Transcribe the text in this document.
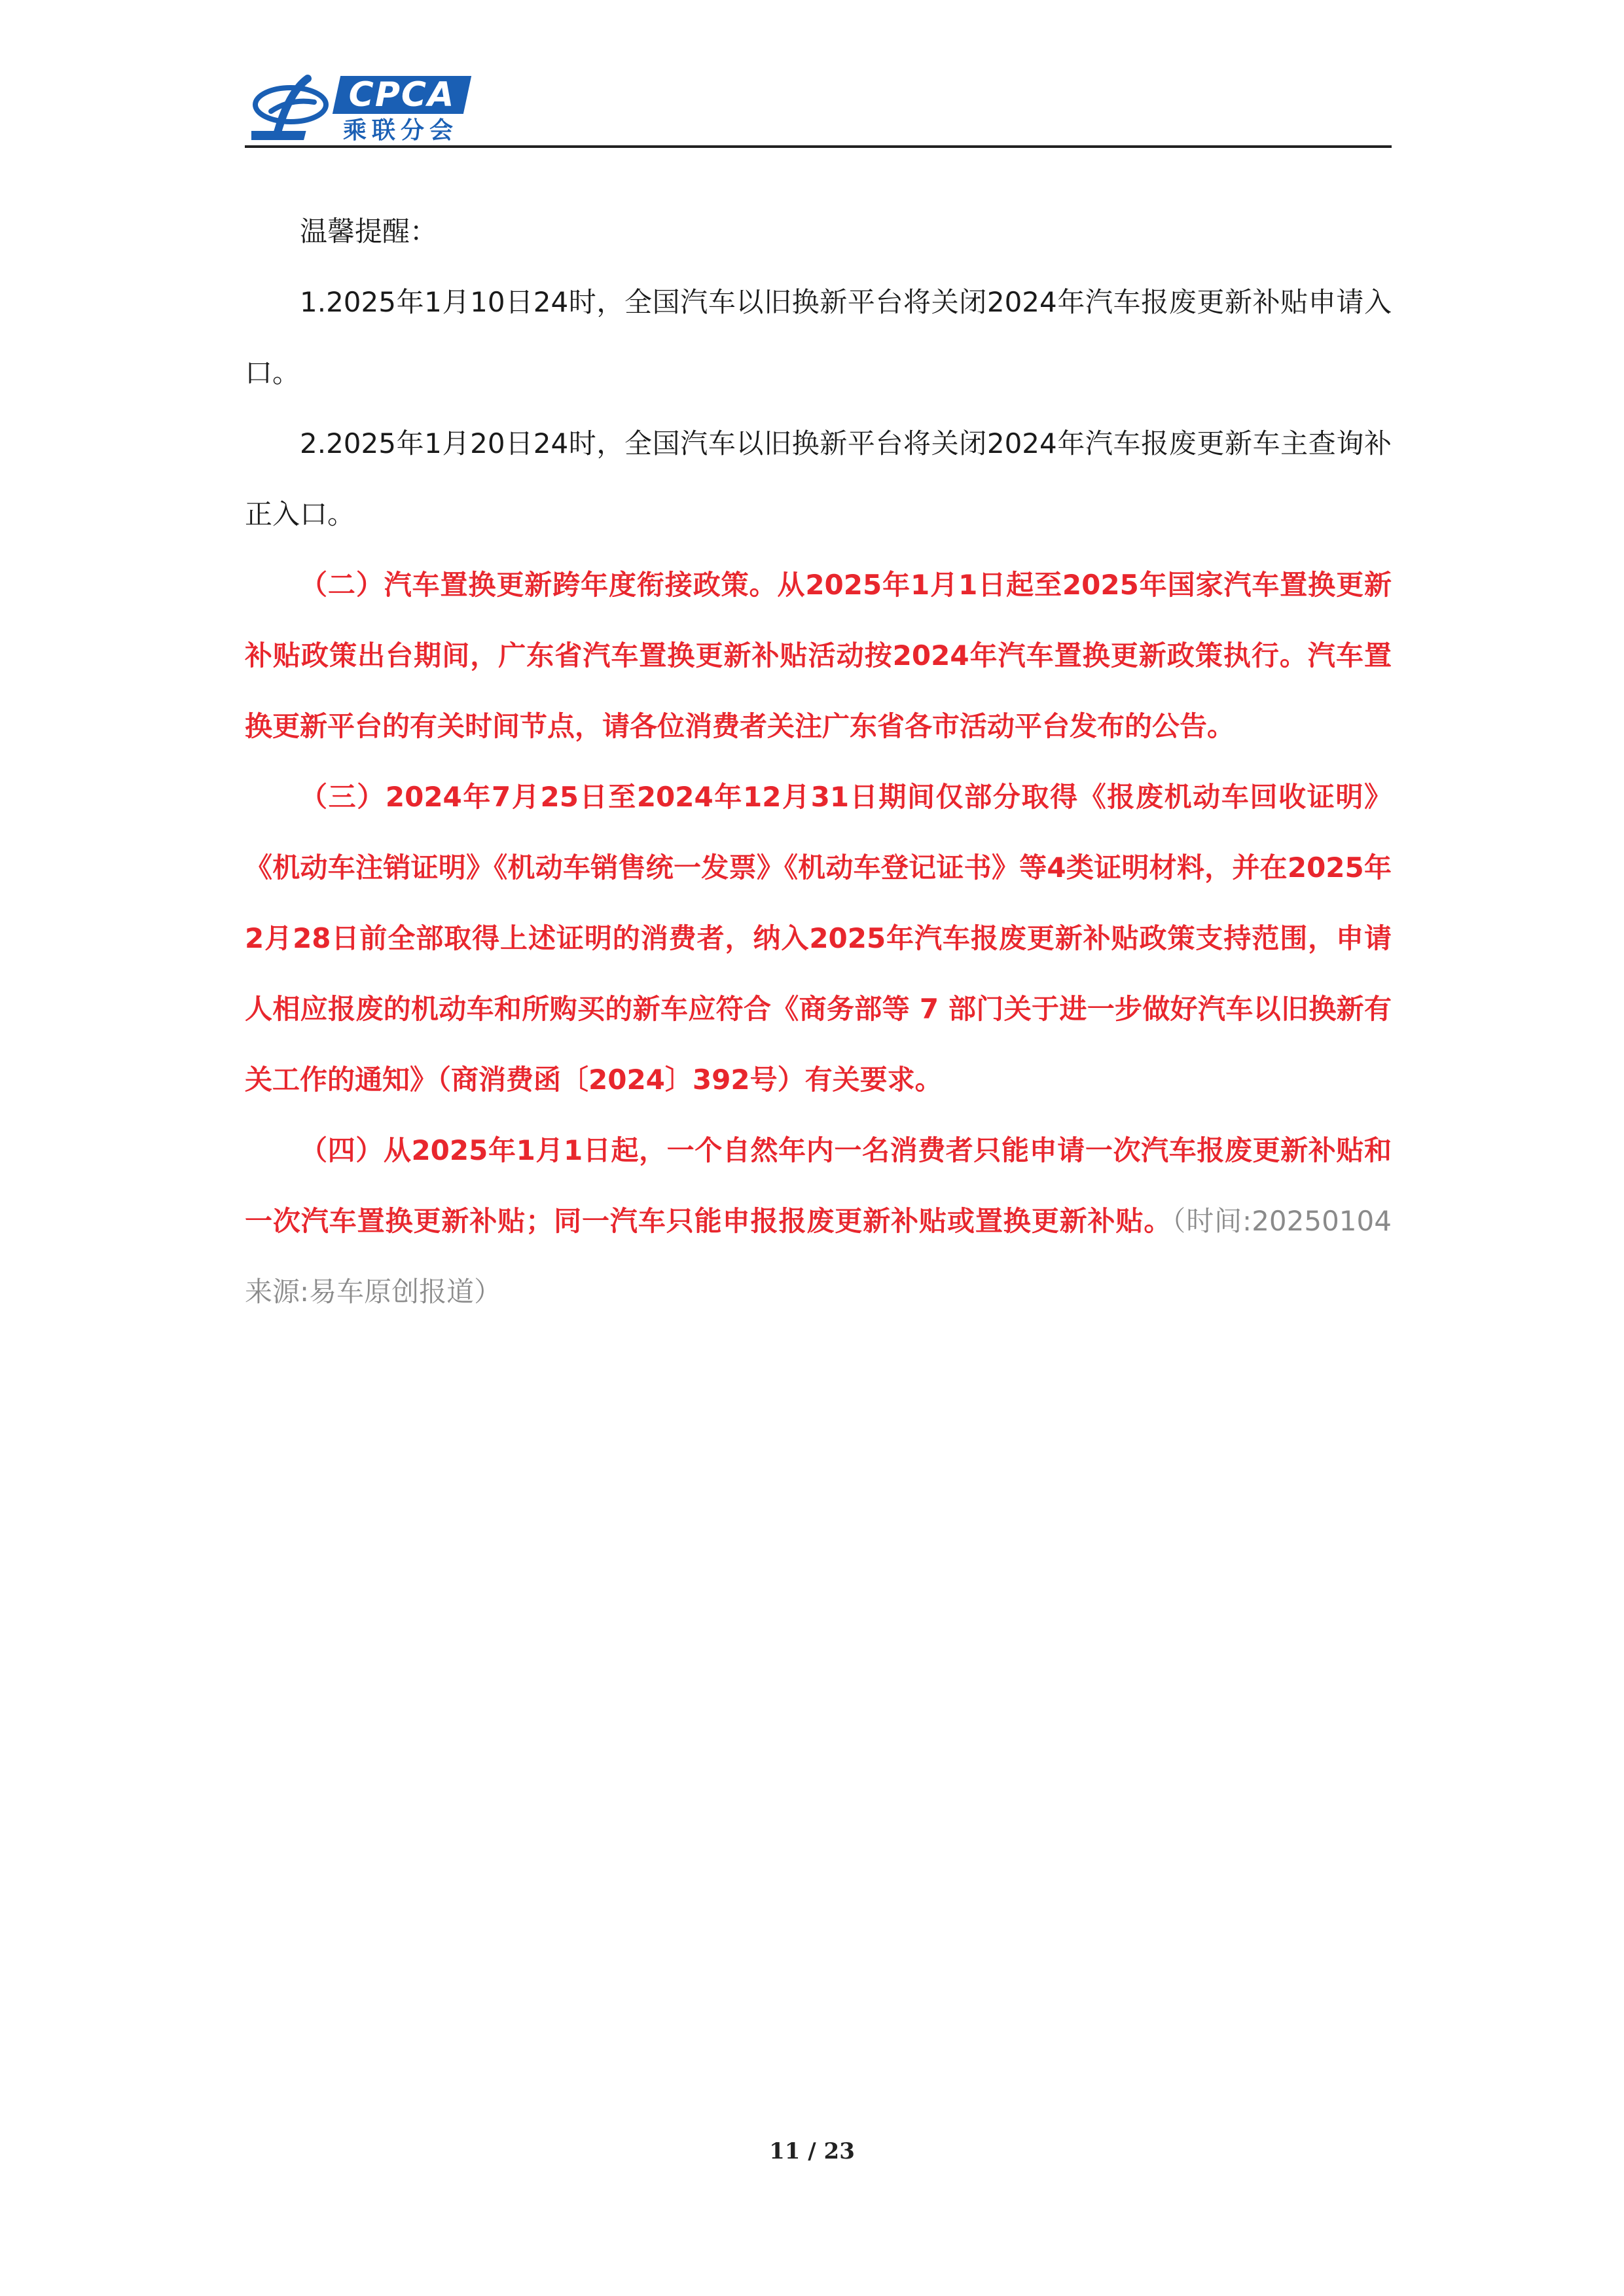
CPCA
乘联分会

温馨提醒：

1.2025年1月10日24时，全国汽车以旧换新平台将关闭2024年汽车报废更新补贴申请入口。

2.2025年1月20日24时，全国汽车以旧换新平台将关闭2024年汽车报废更新车主查询补正入口。

（二）汽车置换更新跨年度衔接政策。从2025年1月1日起至2025年国家汽车置换更新补贴政策出台期间，广东省汽车置换更新补贴活动按2024年汽车置换更新政策执行。汽车置换更新平台的有关时间节点，请各位消费者关注广东省各市活动平台发布的公告。

（三）2024年7月25日至2024年12月31日期间仅部分取得《报废机动车回收证明》《机动车注销证明》《机动车销售统一发票》《机动车登记证书》等4类证明材料，并在2025年2月28日前全部取得上述证明的消费者，纳入2025年汽车报废更新补贴政策支持范围，申请人相应报废的机动车和所购买的新车应符合《商务部等 7 部门关于进一步做好汽车以旧换新有关工作的通知》（商消费函〔2024〕392号）有关要求。

（四）从2025年1月1日起，一个自然年内一名消费者只能申请一次汽车报废更新补贴和一次汽车置换更新补贴；同一汽车只能申报报废更新补贴或置换更新补贴。（时间:20250104 来源:易车原创报道）

11 / 23
